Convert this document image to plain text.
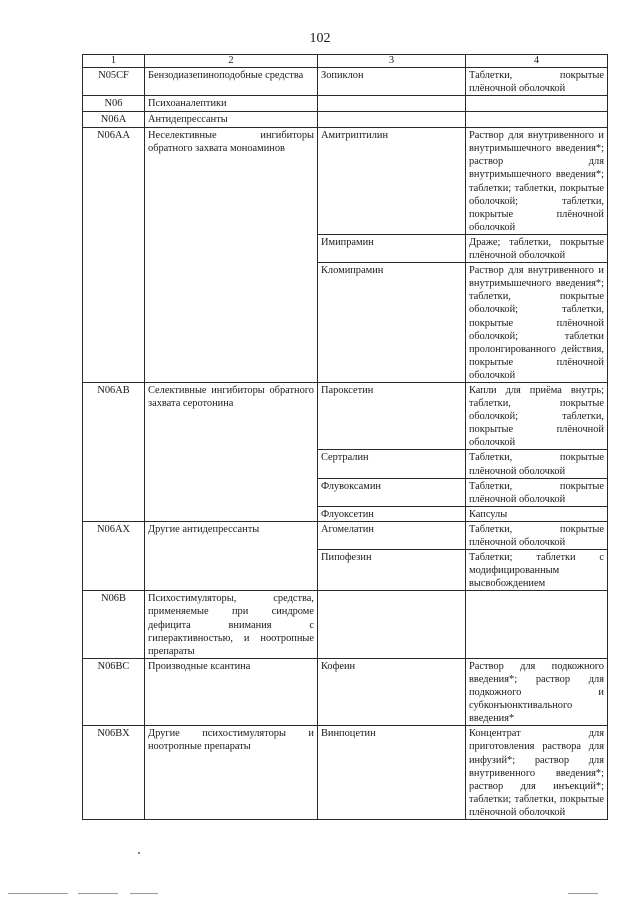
102
1	2	3	4
N05CF	Бензодиазепиноподобные средства	Зопиклон	Таблетки, покрытые плёночной оболочкой
N06	Психоаналептики		
N06A	Антидепрессанты		
N06AA	Неселективные ингибиторы обратного захвата моноаминов	Амитриптилин	Раствор для внутривенного и внутримышечного введения*; раствор для внутримышечного введения*; таблетки; таблетки, покрытые оболочкой; таблетки, покрытые плёночной оболочкой
		Имипрамин	Драже; таблетки, покрытые плёночной оболочкой
		Кломипрамин	Раствор для внутривенного и внутримышечного введения*; таблетки, покрытые оболочкой; таблетки, покрытые плёночной оболочкой; таблетки пролонгированного действия, покрытые плёночной оболочкой
N06AB	Селективные ингибиторы обратного захвата серотонина	Пароксетин	Капли для приёма внутрь; таблетки, покрытые оболочкой; таблетки, покрытые плёночной оболочкой
		Сертралин	Таблетки, покрытые плёночной оболочкой
		Флувоксамин	Таблетки, покрытые плёночной оболочкой
		Флуоксетин	Капсулы
N06AX	Другие антидепрессанты	Агомелатин	Таблетки, покрытые плёночной оболочкой
		Пипофезин	Таблетки; таблетки с модифицированным высвобождением
N06B	Психостимуляторы, средства, применяемые при синдроме дефицита внимания с гиперактивностью, и ноотропные препараты		
N06BC	Производные ксантина	Кофеин	Раствор для подкожного введения*; раствор для подкожного и субконъюнктивального введения*
N06BX	Другие психостимуляторы и ноотропные препараты	Винпоцетин	Концентрат для приготовления раствора для инфузий*; раствор для внутривенного введения*; раствор для инъекций*; таблетки; таблетки, покрытые плёночной оболочкой
